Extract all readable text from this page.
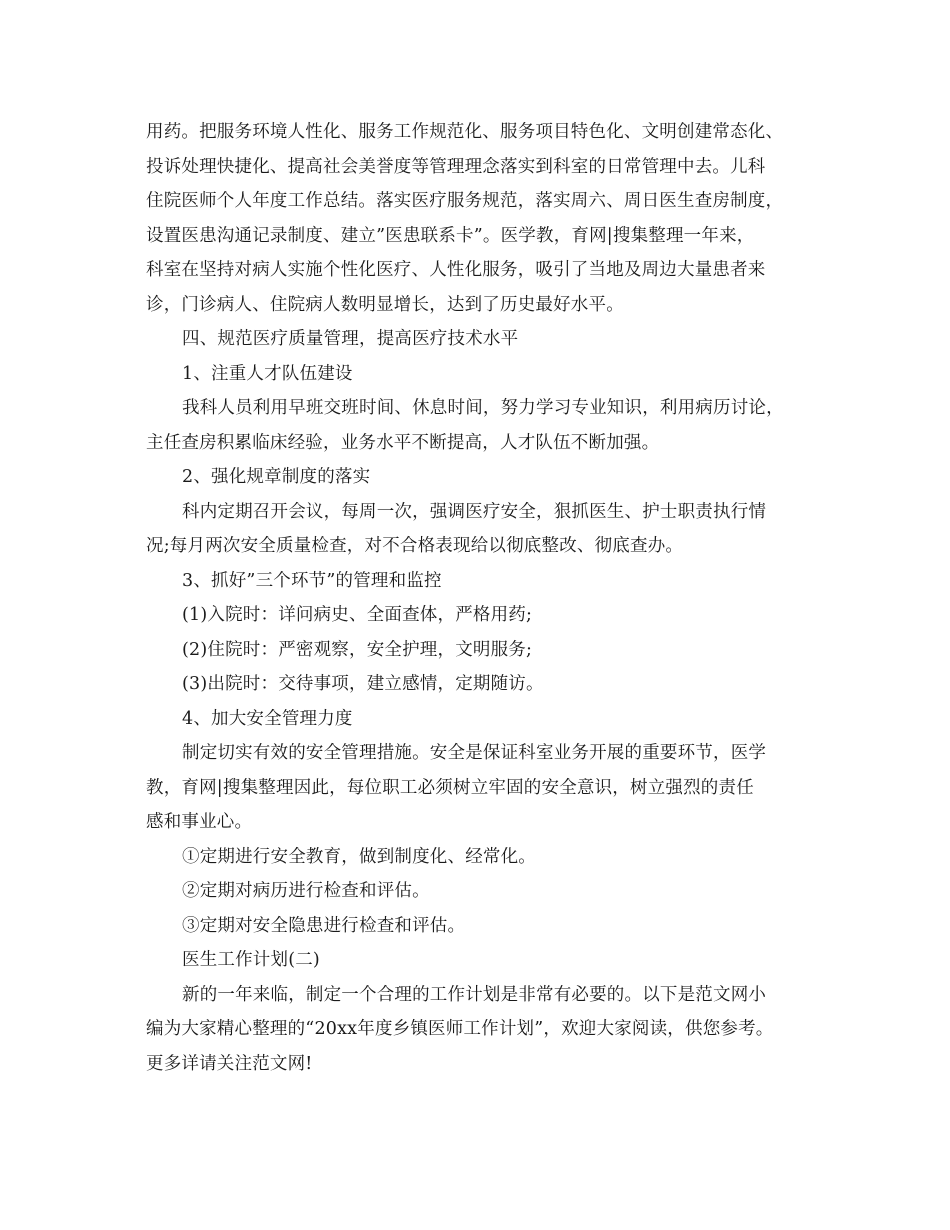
用药。把服务环境人性化、服务工作规范化、服务项目特色化、文明创建常态化、
投诉处理快捷化、提高社会美誉度等管理理念落实到科室的日常管理中去。儿科
住院医师个人年度工作总结。落实医疗服务规范，落实周六、周日医生查房制度，
设置医患沟通记录制度、建立”医患联系卡”。医学教，育网|搜集整理一年来，
科室在坚持对病人实施个性化医疗、人性化服务，吸引了当地及周边大量患者来
诊，门诊病人、住院病人数明显增长，达到了历史最好水平。
四、规范医疗质量管理，提高医疗技术水平
1、注重人才队伍建设
我科人员利用早班交班时间、休息时间，努力学习专业知识，利用病历讨论，
主任查房积累临床经验，业务水平不断提高，人才队伍不断加强。
2、强化规章制度的落实
科内定期召开会议，每周一次，强调医疗安全，狠抓医生、护士职责执行情
况;每月两次安全质量检查，对不合格表现给以彻底整改、彻底查办。
3、抓好”三个环节”的管理和监控
(1)入院时：详问病史、全面查体，严格用药;
(2)住院时：严密观察，安全护理，文明服务;
(3)出院时：交待事项，建立感情，定期随访。
4、加大安全管理力度
制定切实有效的安全管理措施。安全是保证科室业务开展的重要环节，医学
教，育网|搜集整理因此，每位职工必须树立牢固的安全意识，树立强烈的责任
感和事业心。
①定期进行安全教育，做到制度化、经常化。
②定期对病历进行检查和评估。
③定期对安全隐患进行检查和评估。
医生工作计划(二)
新的一年来临，制定一个合理的工作计划是非常有必要的。以下是范文网小
编为大家精心整理的“20xx年度乡镇医师工作计划”，欢迎大家阅读，供您参考。
更多详请关注范文网!
